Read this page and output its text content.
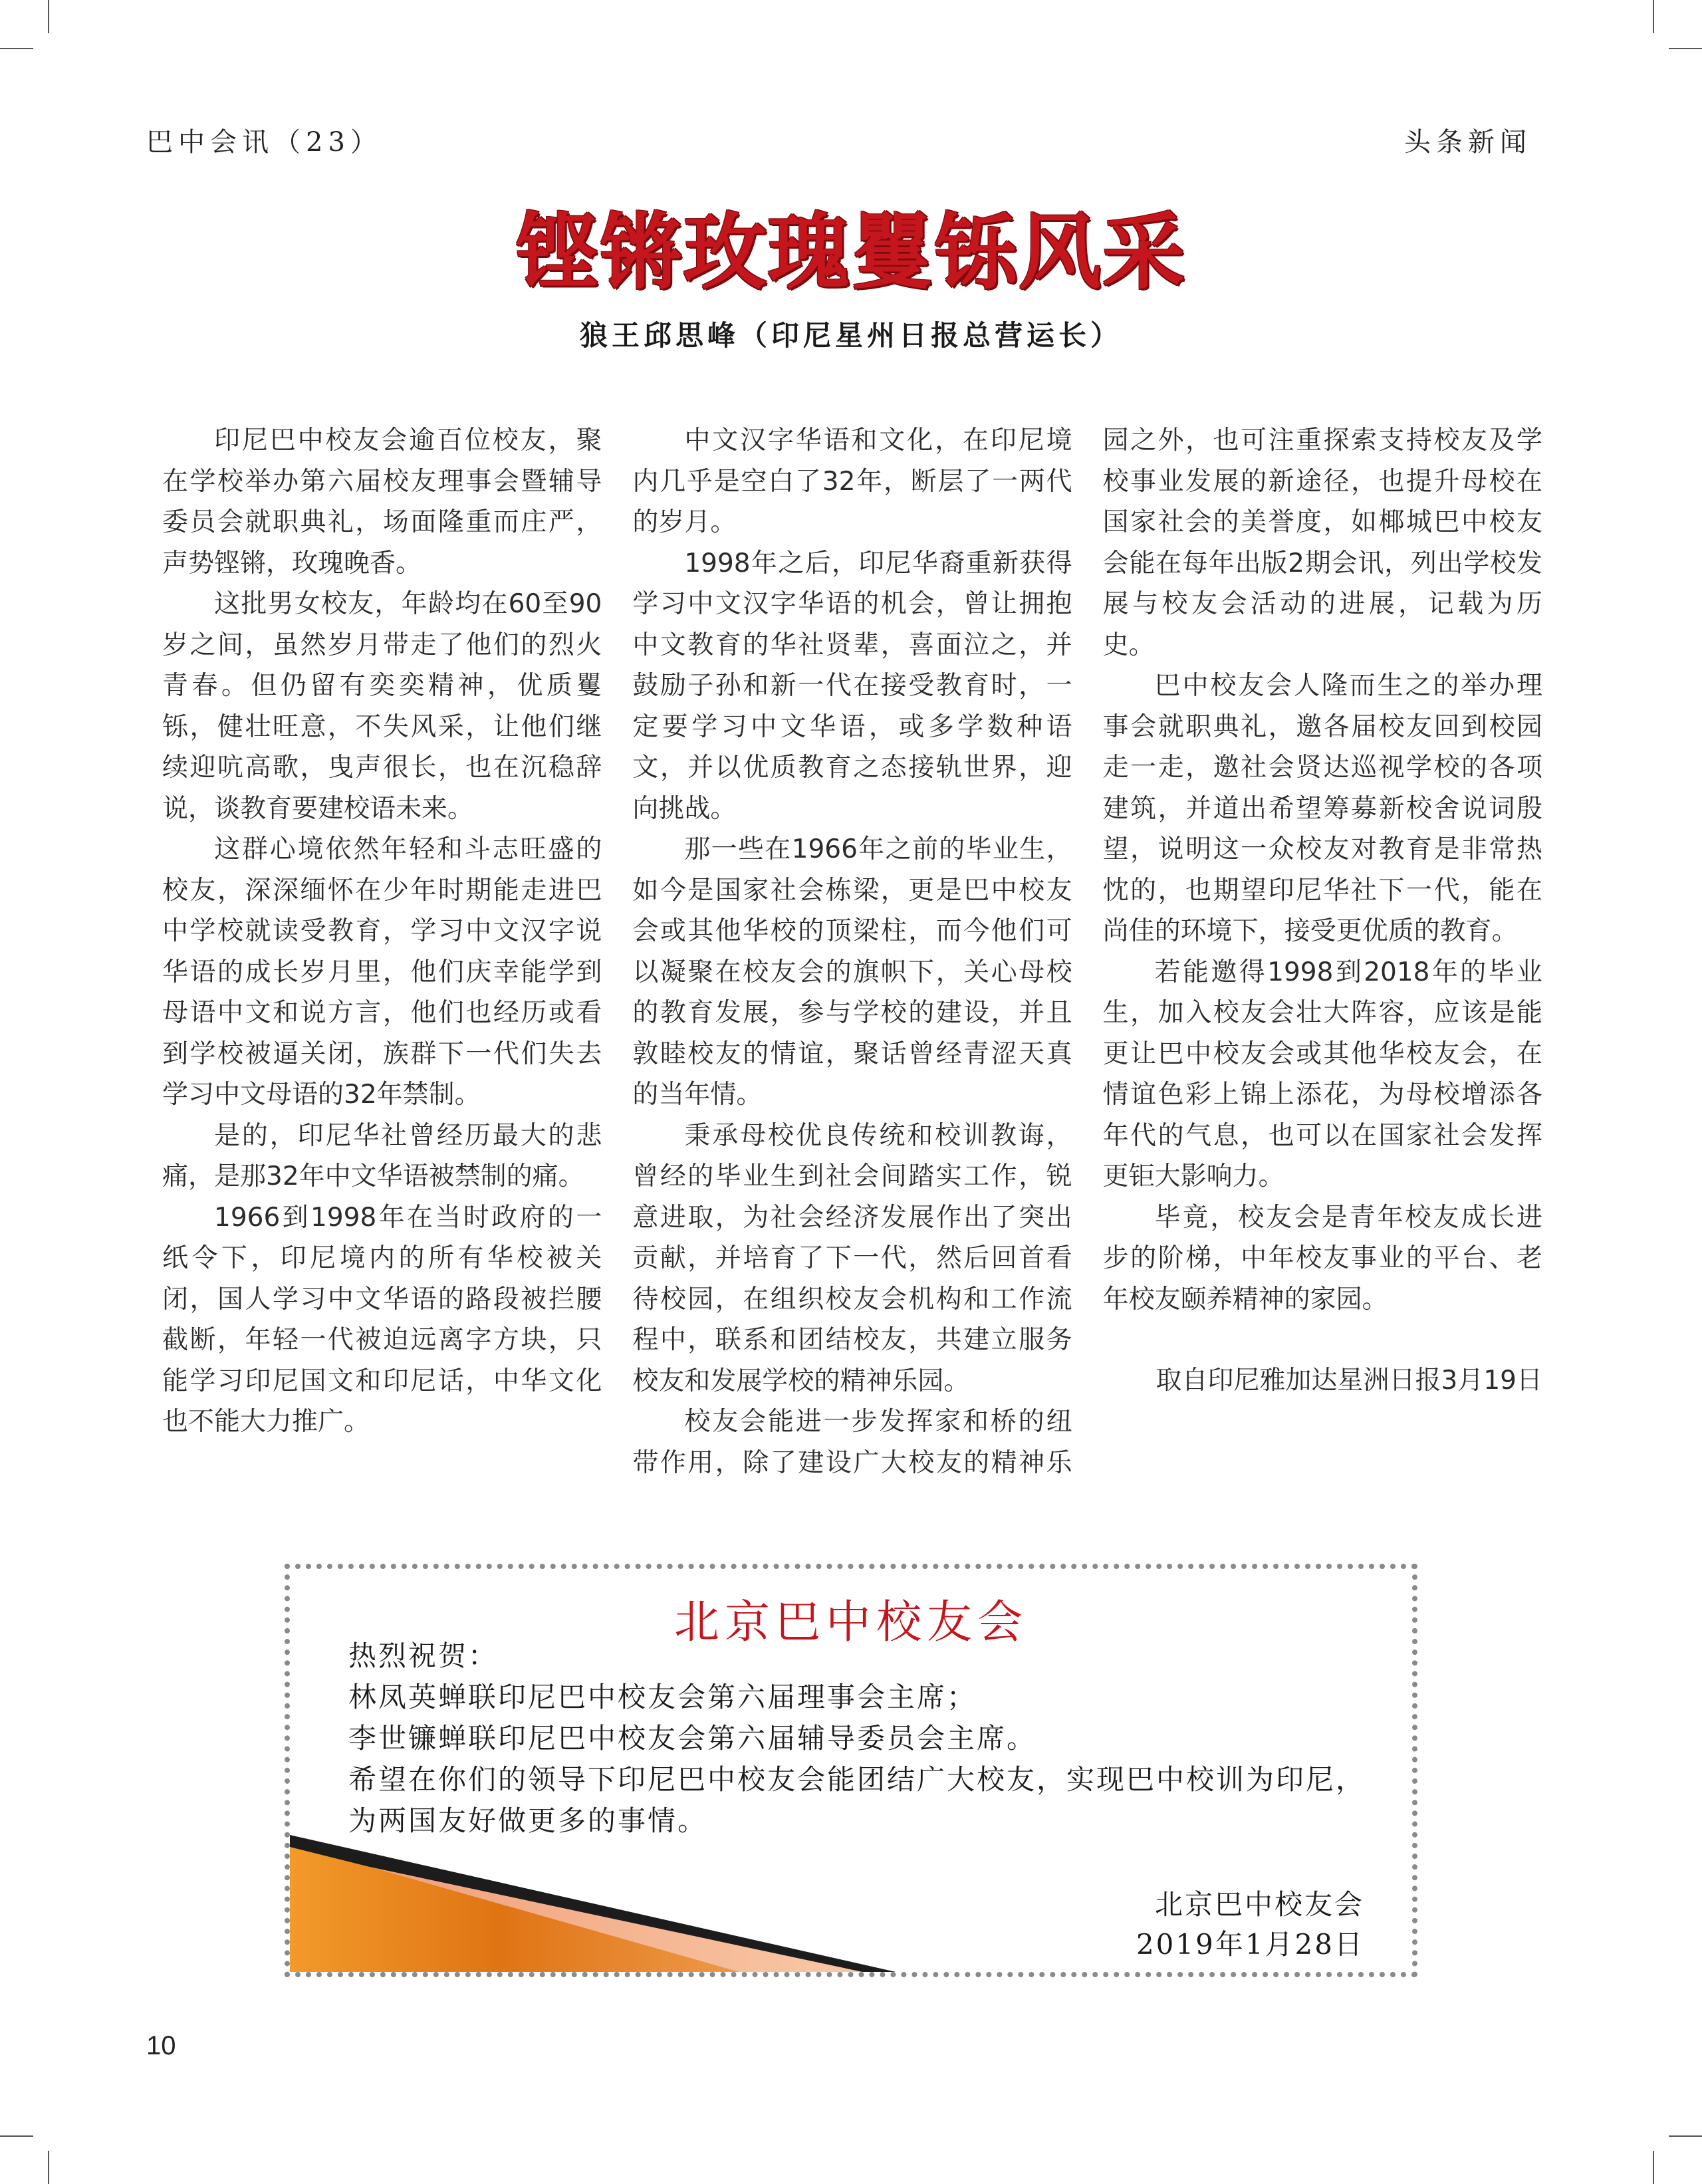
巴中会讯（23）	头条新闻
铿锵玫瑰矍铄风采
狼王邱思峰（印尼星州日报总营运长）

印尼巴中校友会逾百位校友，聚在学校举办第六届校友理事会暨辅导委员会就职典礼，场面隆重而庄严，声势铿锵，玫瑰晚香。

这批男女校友，年龄均在60至90岁之间，虽然岁月带走了他们的烈火青春。但仍留有奕奕精神，优质矍铄，健壮旺意，不失风采，让他们继续迎吭高歌，曳声很长，也在沉稳辞说，谈教育要建校语未来。

这群心境依然年轻和斗志旺盛的校友，深深缅怀在少年时期能走进巴中学校就读受教育，学习中文汉字说华语的成长岁月里，他们庆幸能学到母语中文和说方言，他们也经历或看到学校被逼关闭，族群下一代们失去学习中文母语的32年禁制。

是的，印尼华社曾经历最大的悲痛，是那32年中文华语被禁制的痛。

1966到1998年在当时政府的一纸令下，印尼境内的所有华校被关闭，国人学习中文华语的路段被拦腰截断，年轻一代被迫远离字方块，只能学习印尼国文和印尼话，中华文化也不能大力推广。

中文汉字华语和文化，在印尼境内几乎是空白了32年，断层了一两代的岁月。

1998年之后，印尼华裔重新获得学习中文汉字华语的机会，曾让拥抱中文教育的华社贤辈，喜面泣之，并鼓励子孙和新一代在接受教育时，一定要学习中文华语，或多学数种语文，并以优质教育之态接轨世界，迎向挑战。

那一些在1966年之前的毕业生，如今是国家社会栋梁，更是巴中校友会或其他华校的顶梁柱，而今他们可以凝聚在校友会的旗帜下，关心母校的教育发展，参与学校的建设，并且敦睦校友的情谊，聚话曾经青涩天真的当年情。

秉承母校优良传统和校训教诲，曾经的毕业生到社会间踏实工作，锐意进取，为社会经济发展作出了突出贡献，并培育了下一代，然后回首看待校园，在组织校友会机构和工作流程中，联系和团结校友，共建立服务校友和发展学校的精神乐园。

校友会能进一步发挥家和桥的纽带作用，除了建设广大校友的精神乐园之外，也可注重探索支持校友及学校事业发展的新途径，也提升母校在国家社会的美誉度，如椰城巴中校友会能在每年出版2期会讯，列出学校发展与校友会活动的进展，记载为历史。

巴中校友会人隆而生之的举办理事会就职典礼，邀各届校友回到校园走一走，邀社会贤达巡视学校的各项建筑，并道出希望筹募新校舍说词殷望，说明这一众校友对教育是非常热忱的，也期望印尼华社下一代，能在尚佳的环境下，接受更优质的教育。

若能邀得1998到2018年的毕业生，加入校友会壮大阵容，应该是能更让巴中校友会或其他华校友会，在情谊色彩上锦上添花，为母校增添各年代的气息，也可以在国家社会发挥更钜大影响力。

毕竟，校友会是青年校友成长进步的阶梯，中年校友事业的平台、老年校友颐养精神的家园。

取自印尼雅加达星洲日报3月19日

北京巴中校友会
热烈祝贺：
林凤英蝉联印尼巴中校友会第六届理事会主席；
李世镰蝉联印尼巴中校友会第六届辅导委员会主席。
希望在你们的领导下印尼巴中校友会能团结广大校友，实现巴中校训为印尼，为两国友好做更多的事情。
北京巴中校友会
2019年1月28日
10
